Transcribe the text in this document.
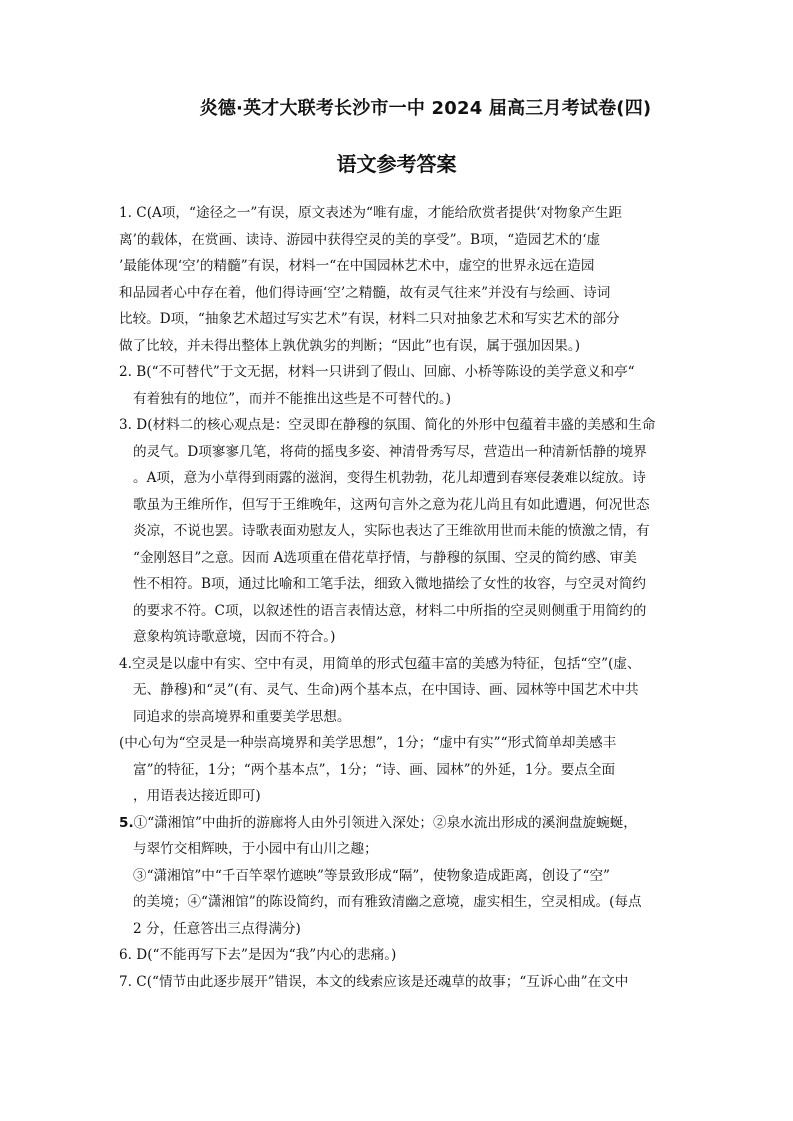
炎德·英才大联考长沙市一中 2024 届高三月考试卷(四)
语文参考答案

1. C(A项，“途径之一”有误，原文表述为“唯有虚，才能给欣赏者提供‘对物象产生距

离’的载体，在赏画、读诗、游园中获得空灵的美的享受”。B项，“造园艺术的‘虚

’最能体现‘空’的精髓”有误，材料一“在中国园林艺术中，虚空的世界永远在造园

和品园者心中存在着，他们得诗画‘空’之精髓，故有灵气往来”并没有与绘画、诗词

比较。D项，“抽象艺术超过写实艺术”有误，材料二只对抽象艺术和写实艺术的部分

做了比较，并未得出整体上孰优孰劣的判断；“因此”也有误，属于强加因果。)

2. B(“不可替代”于文无据，材料一只讲到了假山、回廊、小桥等陈设的美学意义和亭“

有着独有的地位”，而并不能推出这些是不可替代的。)

3. D(材料二的核心观点是：空灵即在静穆的氛围、简化的外形中包蕴着丰盛的美感和生命

的灵气。D项寥寥几笔，将荷的摇曳多姿、神清骨秀写尽，营造出一种清新恬静的境界

。A项，意为小草得到雨露的滋润，变得生机勃勃，花儿却遭到春寒侵袭难以绽放。诗

歌虽为王维所作，但写于王维晚年，这两句言外之意为花儿尚且有如此遭遇，何况世态

炎凉，不说也罢。诗歌表面劝慰友人，实际也表达了王维欲用世而未能的愤激之情，有

“金刚怒目”之意。因而 A选项重在借花草抒情，与静穆的氛围、空灵的简约感、审美

性不相符。B项，通过比喻和工笔手法，细致入微地描绘了女性的妆容，与空灵对简约

的要求不符。C项，以叙述性的语言表情达意，材料二中所指的空灵则侧重于用简约的

意象构筑诗歌意境，因而不符合。)

4.空灵是以虚中有实、空中有灵，用简单的形式包蕴丰富的美感为特征，包括“空”(虚、

无、静穆)和“灵”(有、灵气、生命)两个基本点，在中国诗、画、园林等中国艺术中共

同追求的崇高境界和重要美学思想。

(中心句为“空灵是一种崇高境界和美学思想”，1分；“虚中有实”“形式简单却美感丰

富”的特征，1分；“两个基本点”，1分；“诗、画、园林”的外延，1分。要点全面

，用语表达接近即可)

5.①“潇湘馆”中曲折的游廊将人由外引领进入深处；②泉水流出形成的溪涧盘旋蜿蜒，

与翠竹交相辉映，于小园中有山川之趣；

③“潇湘馆”中“千百竿翠竹遮映”等景致形成“隔”，使物象造成距离，创设了“空”

的美境；④“潇湘馆”的陈设简约，而有雅致清幽之意境，虚实相生，空灵相成。(每点

2 分，任意答出三点得满分)

6. D(“不能再写下去”是因为“我”内心的悲痛。)

7. C(“情节由此逐步展开”错误，本文的线索应该是还魂草的故事；“互诉心曲”在文中
